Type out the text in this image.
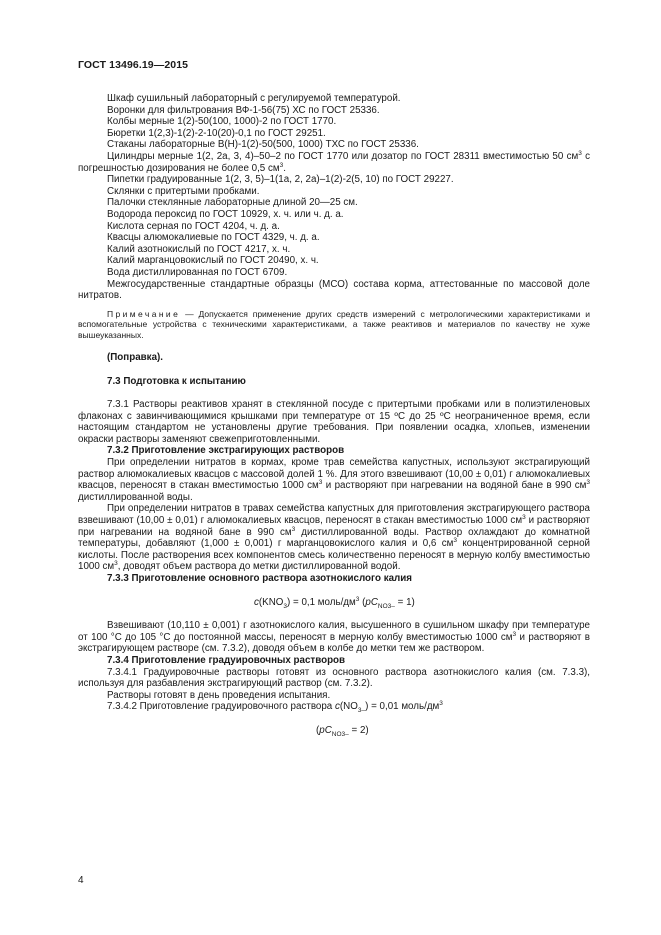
ГОСТ 13496.19—2015

Шкаф сушильный лабораторный с регулируемой температурой.

Воронки для фильтрования ВФ-1-56(75) ХС по ГОСТ 25336.

Колбы мерные 1(2)-50(100, 1000)-2 по ГОСТ 1770.

Бюретки 1(2,3)-1(2)-2-10(20)-0,1 по ГОСТ 29251.

Стаканы лабораторные В(Н)-1(2)-50(500, 1000) ТХС по ГОСТ 25336.

Цилиндры мерные 1(2, 2а, 3, 4)–50–2 по ГОСТ 1770 или дозатор по ГОСТ 28311 вместимостью 50 $см^3$ с погрешностью дозирования не более 0,5 $см^3$.

Пипетки градуированные 1(2, 3, 5)–1(1а, 2, 2а)–1(2)-2(5, 10) по ГОСТ 29227.

Склянки с притертыми пробками.

Палочки стеклянные лабораторные длиной 20—25 см.

Водорода пероксид по ГОСТ 10929, х. ч. или ч. д. а.

Кислота серная по ГОСТ 4204, ч. д. а.

Квасцы алюмокалиевые по ГОСТ 4329, ч. д. а.

Калий азотнокислый по ГОСТ 4217, х. ч.

Калий марганцовокислый по ГОСТ 20490, х. ч.

Вода дистиллированная по ГОСТ 6709.

Межгосударственные стандартные образцы (МСО) состава корма, аттестованные по массовой доле нитратов.

Примечание — Допускается применение других средств измерений с метрологическими характеристиками и вспомогательные устройства с техническими характеристиками, а также реактивов и материалов по качеству не хуже вышеуказанных.

(Поправка).

7.3 Подготовка к испытанию

7.3.1 Растворы реактивов хранят в стеклянной посуде с притертыми пробками или в полиэтиленовых флаконах с завинчивающимися крышками при температуре от 15 ºС до 25 ºС неограниченное время, если настоящим стандартом не установлены другие требования. При появлении осадка, хлопьев, изменении окраски растворы заменяют свежеприготовленными.

7.3.2 Приготовление экстрагирующих растворов

При определении нитратов в кормах, кроме трав семейства капустных, используют экстрагирующий раствор алюмокалиевых квасцов с массовой долей 1 %. Для этого взвешивают (10,00 ± 0,01) г алюмокалиевых квасцов, переносят в стакан вместимостью 1000 $см^3$ и растворяют при нагревании на водяной бане в 990 $см^3$ дистиллированной воды.

При определении нитратов в травах семейства капустных для приготовления экстрагирующего раствора взвешивают (10,00 ± 0,01) г алюмокалиевых квасцов, переносят в стакан вместимостью 1000 $см^3$ и растворяют при нагревании на водяной бане в 990 $см^3$ дистиллированной воды. Раствор охлаждают до комнатной температуры, добавляют (1,000 ± 0,001) г марганцовокислого калия и 0,6 $см^3$ концентрированной серной кислоты. После растворения всех компонентов смесь количественно переносят в мерную колбу вместимостью 1000 $см^3$, доводят объем раствора до метки дистиллированной водой.

7.3.3 Приготовление основного раствора азотнокислого калия

$c(KNO_3) = 0,1$ моль/$дм^3$ $(pC_{NO3-} = 1)$

Взвешивают (10,110 ± 0,001) г азотнокислого калия, высушенного в сушильном шкафу при температуре от 100 °С до 105 °С до постоянной массы, переносят в мерную колбу вместимостью 1000 $см^3$ и растворяют в экстрагирующем растворе (см. 7.3.2), доводя объем в колбе до метки тем же раствором.

7.3.4 Приготовление градуировочных растворов

7.3.4.1 Градуировочные растворы готовят из основного раствора азотнокислого калия (см. 7.3.3), используя для разбавления экстрагирующий раствор (см. 7.3.2).

Растворы готовят в день проведения испытания.

7.3.4.2 Приготовление градуировочного раствора $c(NO_{3-}) = 0,01$ моль/$дм^3$

$(pC_{NO3-} = 2)$

4
